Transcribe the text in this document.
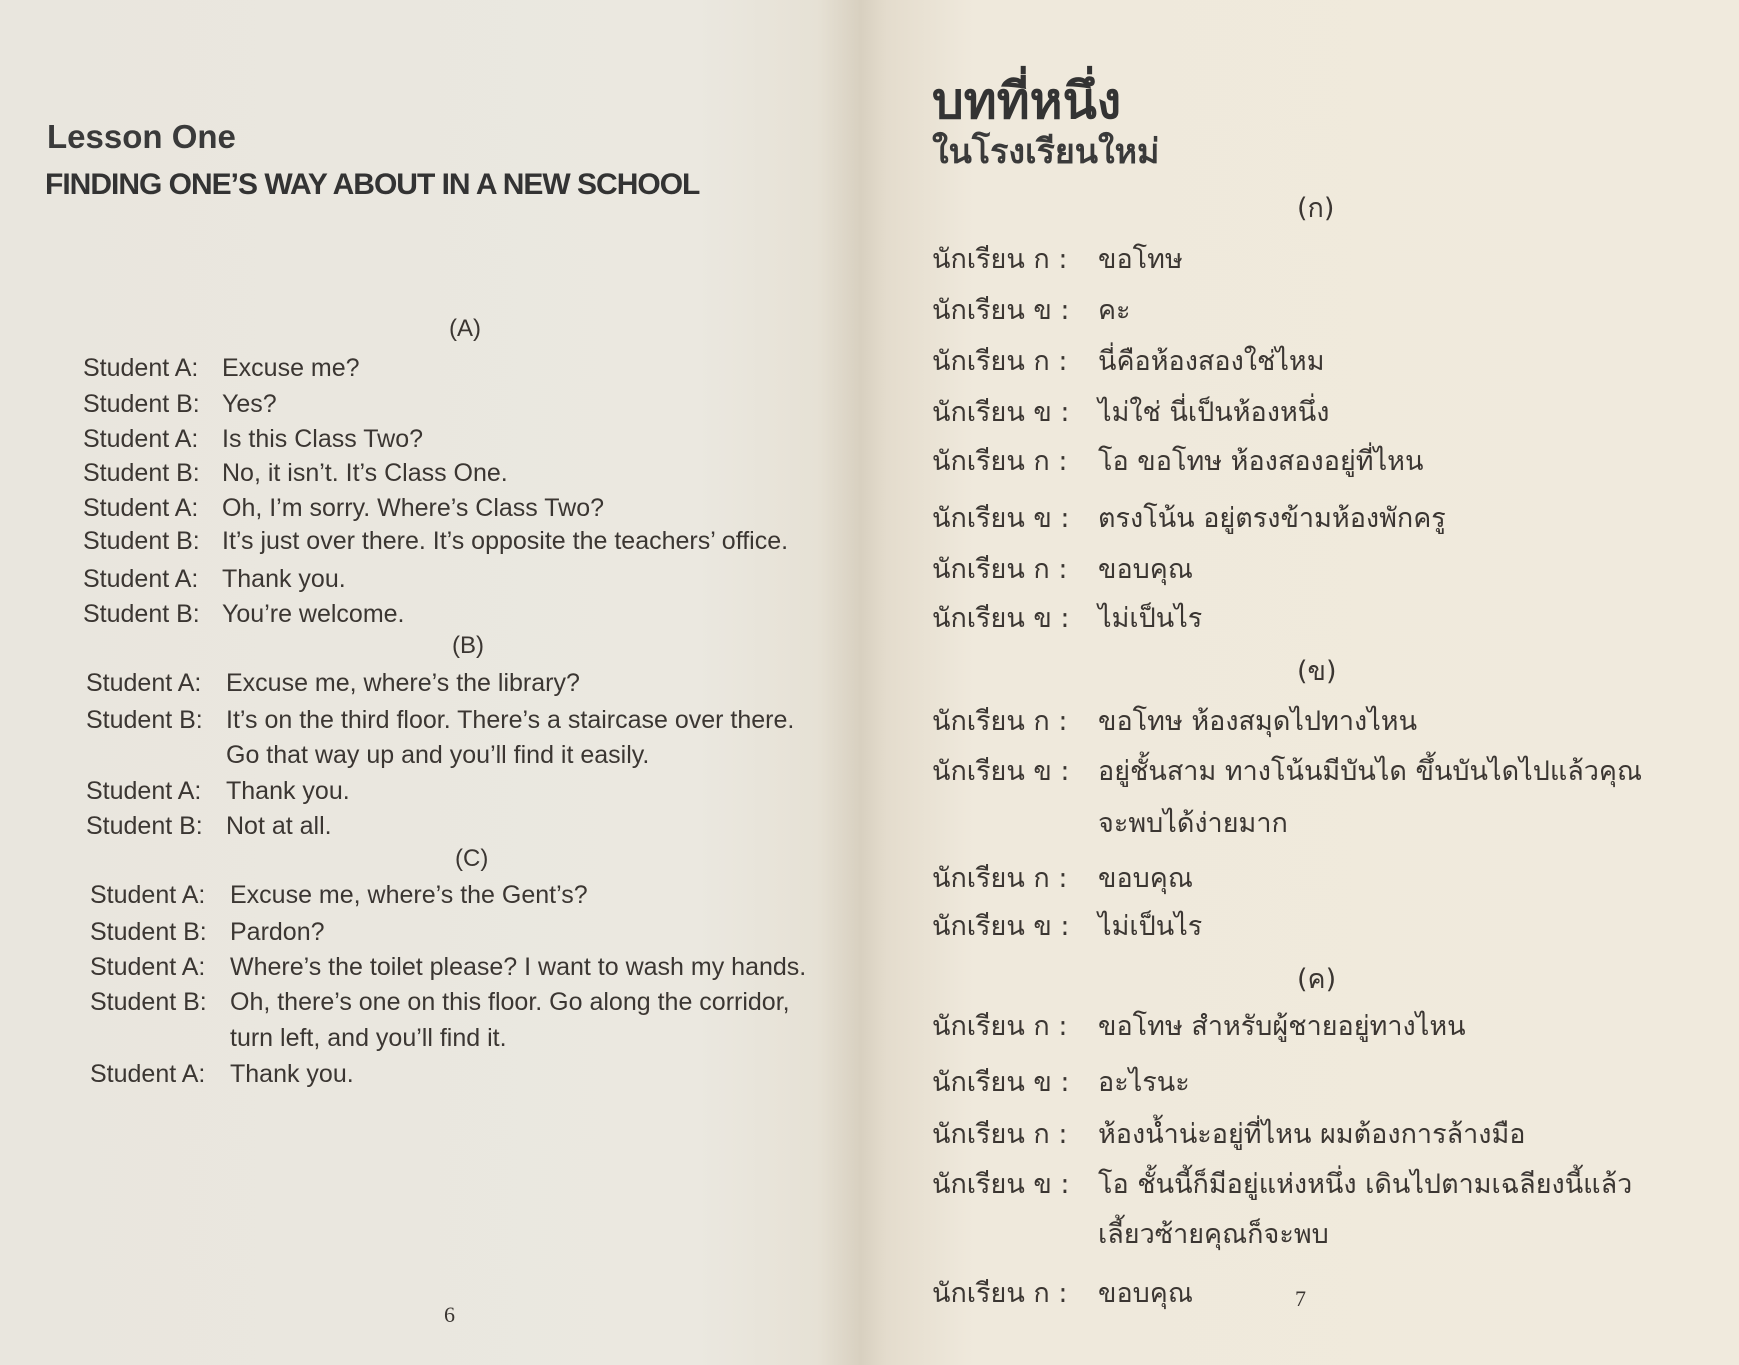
Lesson One
FINDING ONE’S WAY ABOUT IN A NEW SCHOOL
(A)
Student A: Excuse me?
Student B: Yes?
Student A: Is this Class Two?
Student B: No, it isn’t. It’s Class One.
Student A: Oh, I’m sorry. Where’s Class Two?
Student B: It’s just over there. It’s opposite the teachers’ office.
Student A: Thank you.
Student B: You’re welcome.
(B)
Student A: Excuse me, where’s the library?
Student B: It’s on the third floor. There’s a staircase over there.
Go that way up and you’ll find it easily.
Student A: Thank you.
Student B: Not at all.
(C)
Student A: Excuse me, where’s the Gent’s?
Student B: Pardon?
Student A: Where’s the toilet please? I want to wash my hands.
Student B: Oh, there’s one on this floor. Go along the corridor,
turn left, and you’ll find it.
Student A: Thank you.
6
บทที่หนึ่ง
ในโรงเรียนใหม่
(ก)
นักเรียน ก : ขอโทษ
นักเรียน ข : คะ
นักเรียน ก : นี่คือห้องสองใช่ไหม
นักเรียน ข : ไม่ใช่ นี่เป็นห้องหนึ่ง
นักเรียน ก : โอ ขอโทษ ห้องสองอยู่ที่ไหน
นักเรียน ข : ตรงโน้น อยู่ตรงข้ามห้องพักครู
นักเรียน ก : ขอบคุณ
นักเรียน ข : ไม่เป็นไร
(ข)
นักเรียน ก : ขอโทษ ห้องสมุดไปทางไหน
นักเรียน ข : อยู่ชั้นสาม ทางโน้นมีบันได ขึ้นบันไดไปแล้วคุณ
จะพบได้ง่ายมาก
นักเรียน ก : ขอบคุณ
นักเรียน ข : ไม่เป็นไร
(ค)
นักเรียน ก : ขอโทษ สำหรับผู้ชายอยู่ทางไหน
นักเรียน ข : อะไรนะ
นักเรียน ก : ห้องน้ำน่ะอยู่ที่ไหน ผมต้องการล้างมือ
นักเรียน ข : โอ ชั้นนี้ก็มีอยู่แห่งหนึ่ง เดินไปตามเฉลียงนี้แล้ว
เลี้ยวซ้ายคุณก็จะพบ
นักเรียน ก : ขอบคุณ	7
